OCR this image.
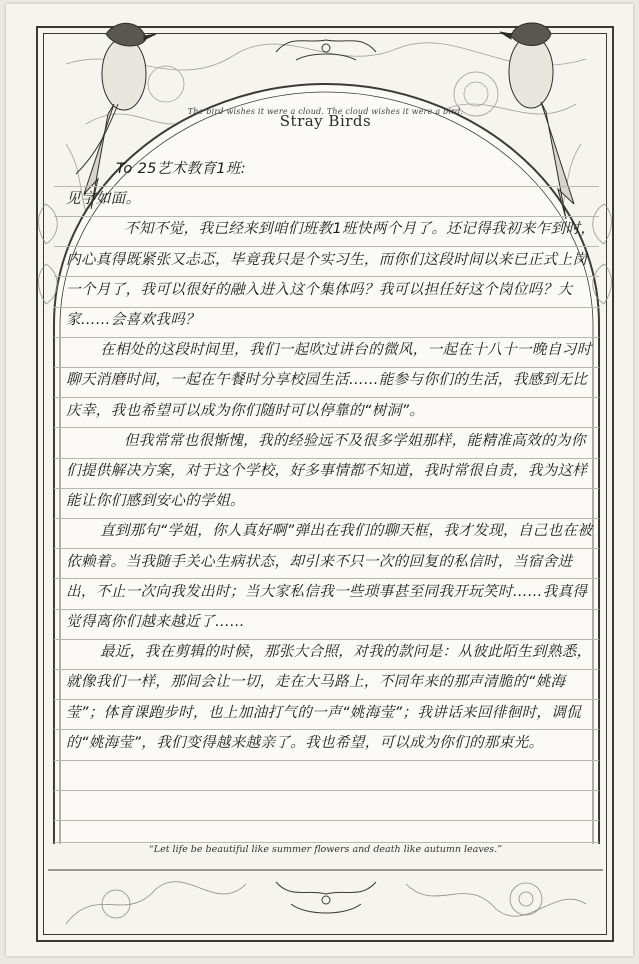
The bird wishes it were a cloud. The cloud wishes it were a bird.
Stray Birds

To 25艺术教育1班:

见字如面。

不知不觉，我已经来到咱们班教1班快两个月了。还记得我初来乍到时，内心真得既紧张又忐忑，毕竟我只是个实习生，而你们这段时间以来已正式上岗一个月了，我可以很好的融入进入这个集体吗？我可以担任好这个岗位吗？大家……会喜欢我吗？

在相处的这段时间里，我们一起吹过讲台的微风，一起在十八十一晚自习时聊天消磨时间，一起在午餐时分享校园生活……能参与你们的生活，我感到无比庆幸，我也希望可以成为你们随时可以停靠的“树洞”。

但我常常也很惭愧，我的经验远不及很多学姐那样，能精准高效的为你们提供解决方案，对于这个学校，好多事情都不知道，我时常很自责，我为这样能让你们感到安心的学姐。

直到那句“学姐，你人真好啊”弹出在我们的聊天框，我才发现，自己也在被依赖着。当我随手关心生病状态，却引来不只一次的回复的私信时，当宿舍进出，不止一次向我发出时；当大家私信我一些琐事甚至同我开玩笑时……我真得觉得离你们越来越近了……

最近，我在剪辑的时候，那张大合照，对我的款问是：从彼此陌生到熟悉，就像我们一样，那间会让一切，走在大马路上，不同年来的那声清脆的“姚海莹”；体育课跑步时，也上加油打气的一声“姚海莹”；我讲话来回徘徊时，调侃的“姚海莹”，我们变得越来越亲了。我也希望，可以成为你们的那束光。

“Let life be beautiful like summer flowers and death like autumn leaves.”
